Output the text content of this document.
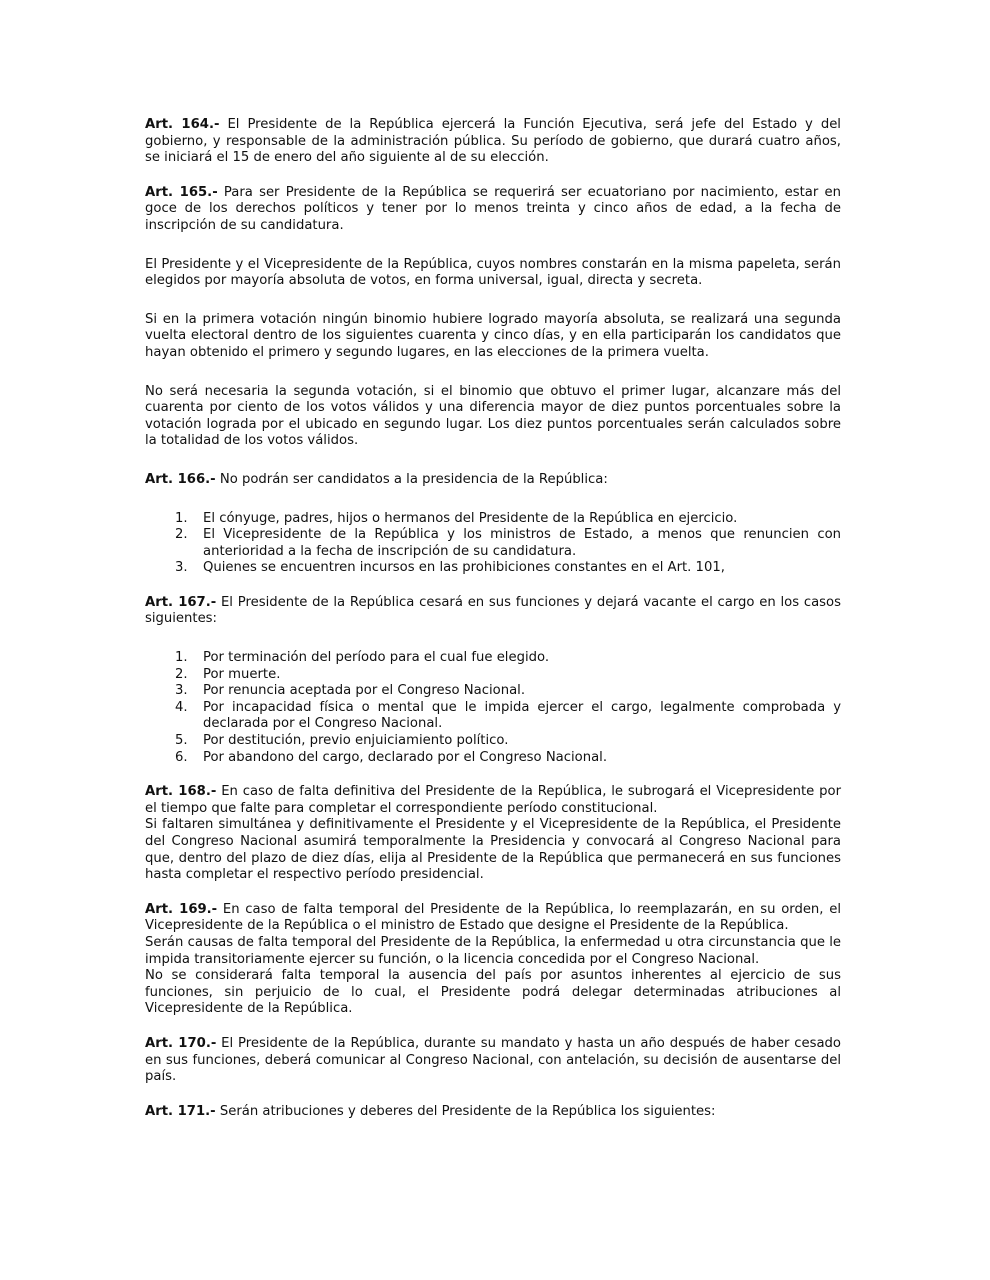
Art. 164.- El Presidente de la República ejercerá la Función Ejecutiva, será jefe del Estado y del gobierno, y responsable de la administración pública. Su período de gobierno, que durará cuatro años, se iniciará el 15 de enero del año siguiente al de su elección.

Art. 165.- Para ser Presidente de la República se requerirá ser ecuatoriano por nacimiento, estar en goce de los derechos políticos y tener por lo menos treinta y cinco años de edad, a la fecha de inscripción de su candidatura.

El Presidente y el Vicepresidente de la República, cuyos nombres constarán en la misma papeleta, serán elegidos por mayoría absoluta de votos, en forma universal, igual, directa y secreta.

Si en la primera votación ningún binomio hubiere logrado mayoría absoluta, se realizará una segunda vuelta electoral dentro de los siguientes cuarenta y cinco días, y en ella participarán los candidatos que hayan obtenido el primero y segundo lugares, en las elecciones de la primera vuelta.

No será necesaria la segunda votación, si el binomio que obtuvo el primer lugar, alcanzare más del cuarenta por ciento de los votos válidos y una diferencia mayor de diez puntos porcentuales sobre la votación lograda por el ubicado en segundo lugar. Los diez puntos porcentuales serán calculados sobre la totalidad de los votos válidos.

Art. 166.- No podrán ser candidatos a la presidencia de la República:

1. El cónyuge, padres, hijos o hermanos del Presidente de la República en ejercicio.
2. El Vicepresidente de la República y los ministros de Estado, a menos que renuncien con anterioridad a la fecha de inscripción de su candidatura.
3. Quienes se encuentren incursos en las prohibiciones constantes en el Art. 101,

Art. 167.- El Presidente de la República cesará en sus funciones y dejará vacante el cargo en los casos siguientes:

1. Por terminación del período para el cual fue elegido.
2. Por muerte.
3. Por renuncia aceptada por el Congreso Nacional.
4. Por incapacidad física o mental que le impida ejercer el cargo, legalmente comprobada y declarada por el Congreso Nacional.
5. Por destitución, previo enjuiciamiento político.
6. Por abandono del cargo, declarado por el Congreso Nacional.

Art. 168.- En caso de falta definitiva del Presidente de la República, le subrogará el Vicepresidente por el tiempo que falte para completar el correspondiente período constitucional.

Si faltaren simultánea y definitivamente el Presidente y el Vicepresidente de la República, el Presidente del Congreso Nacional asumirá temporalmente la Presidencia y convocará al Congreso Nacional para que, dentro del plazo de diez días, elija al Presidente de la República que permanecerá en sus funciones hasta completar el respectivo período presidencial.

Art. 169.- En caso de falta temporal del Presidente de la República, lo reemplazarán, en su orden, el Vicepresidente de la República o el ministro de Estado que designe el Presidente de la República.

Serán causas de falta temporal del Presidente de la República, la enfermedad u otra circunstancia que le impida transitoriamente ejercer su función, o la licencia concedida por el Congreso Nacional.

No se considerará falta temporal la ausencia del país por asuntos inherentes al ejercicio de sus funciones, sin perjuicio de lo cual, el Presidente podrá delegar determinadas atribuciones al Vicepresidente de la República.

Art. 170.- El Presidente de la República, durante su mandato y hasta un año después de haber cesado en sus funciones, deberá comunicar al Congreso Nacional, con antelación, su decisión de ausentarse del país.

Art. 171.- Serán atribuciones y deberes del Presidente de la República los siguientes:
